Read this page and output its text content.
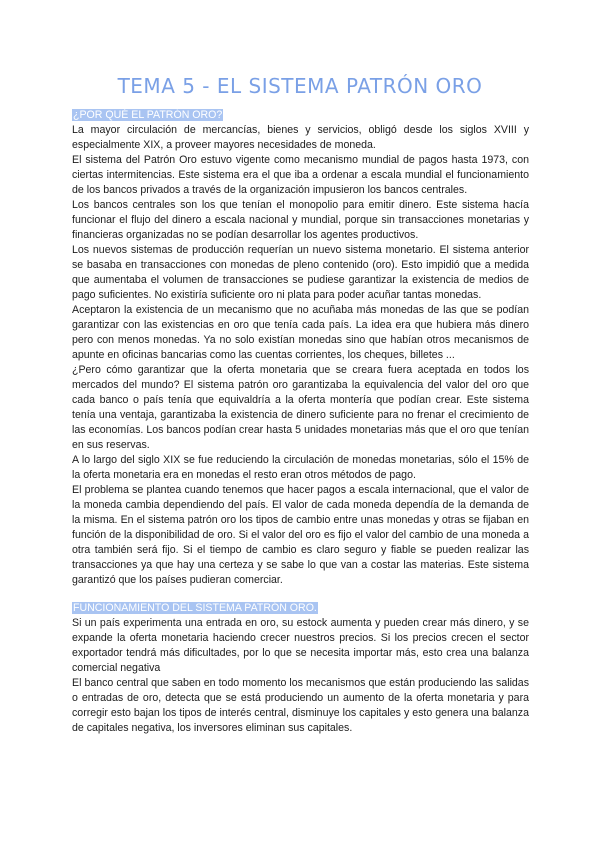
TEMA 5 - EL SISTEMA PATRÓN ORO

¿POR QUÉ EL PATRÓN ORO?

La mayor circulación de mercancías, bienes y servicios, obligó desde los siglos XVIII y especialmente XIX, a proveer mayores necesidades de moneda.

El sistema del Patrón Oro estuvo vigente como mecanismo mundial de pagos hasta 1973, con ciertas intermitencias. Este sistema era el que iba a ordenar a escala mundial el funcionamiento de los bancos privados a través de la organización impusieron los bancos centrales.

Los bancos centrales son los que tenían el monopolio para emitir dinero. Este sistema hacía funcionar el flujo del dinero a escala nacional y mundial, porque sin transacciones monetarias y financieras organizadas no se podían desarrollar los agentes productivos.

Los nuevos sistemas de producción requerían un nuevo sistema monetario. El sistema anterior se basaba en transacciones con monedas de pleno contenido (oro). Esto impidió que a medida que aumentaba el volumen de transacciones se pudiese garantizar la existencia de medios de pago suficientes. No existiría suficiente oro ni plata para poder acuñar tantas monedas.

Aceptaron la existencia de un mecanismo que no acuñaba más monedas de las que se podían garantizar con las existencias en oro que tenía cada país. La idea era que hubiera más dinero pero con menos monedas. Ya no solo existían monedas sino que habían otros mecanismos de apunte en oficinas bancarias como las cuentas corrientes, los cheques, billetes ...

¿Pero cómo garantizar que la oferta monetaria que se creara fuera aceptada en todos los mercados del mundo? El sistema patrón oro garantizaba la equivalencia del valor del oro que cada banco o país tenía que equivaldría a la oferta montería que podían crear. Este sistema tenía una ventaja, garantizaba la existencia de dinero suficiente para no frenar el crecimiento de las economías. Los bancos podían crear hasta 5 unidades monetarias más que el oro que tenían en sus reservas.

A lo largo del siglo XIX se fue reduciendo la circulación de monedas monetarias, sólo el 15% de la oferta monetaria era en monedas el resto eran otros métodos de pago.

El problema se plantea cuando tenemos que hacer pagos a escala internacional, que el valor de la moneda cambia dependiendo del país. El valor de cada moneda dependía de la demanda de la misma. En el sistema patrón oro los tipos de cambio entre unas monedas y otras se fijaban en función de la disponibilidad de oro. Si el valor del oro es fijo el valor del cambio de una moneda a otra también será fijo. Si el tiempo de cambio es claro seguro y fiable se pueden realizar las transacciones ya que hay una certeza y se sabe lo que van a costar las materias. Este sistema garantizó que los países pudieran comerciar.

FUNCIONAMIENTO DEL SISTEMA PATRÓN ORO.

Si un país experimenta una entrada en oro, su estock aumenta y pueden crear más dinero, y se expande la oferta monetaria haciendo crecer nuestros precios. Si los precios crecen el sector exportador tendrá más dificultades, por lo que se necesita importar más, esto crea una balanza comercial negativa

El banco central que saben en todo momento los mecanismos que están produciendo las salidas o entradas de oro, detecta que se está produciendo un aumento de la oferta monetaria y para corregir esto bajan los tipos de interés central, disminuye los capitales y esto genera una balanza de capitales negativa, los inversores eliminan sus capitales.
